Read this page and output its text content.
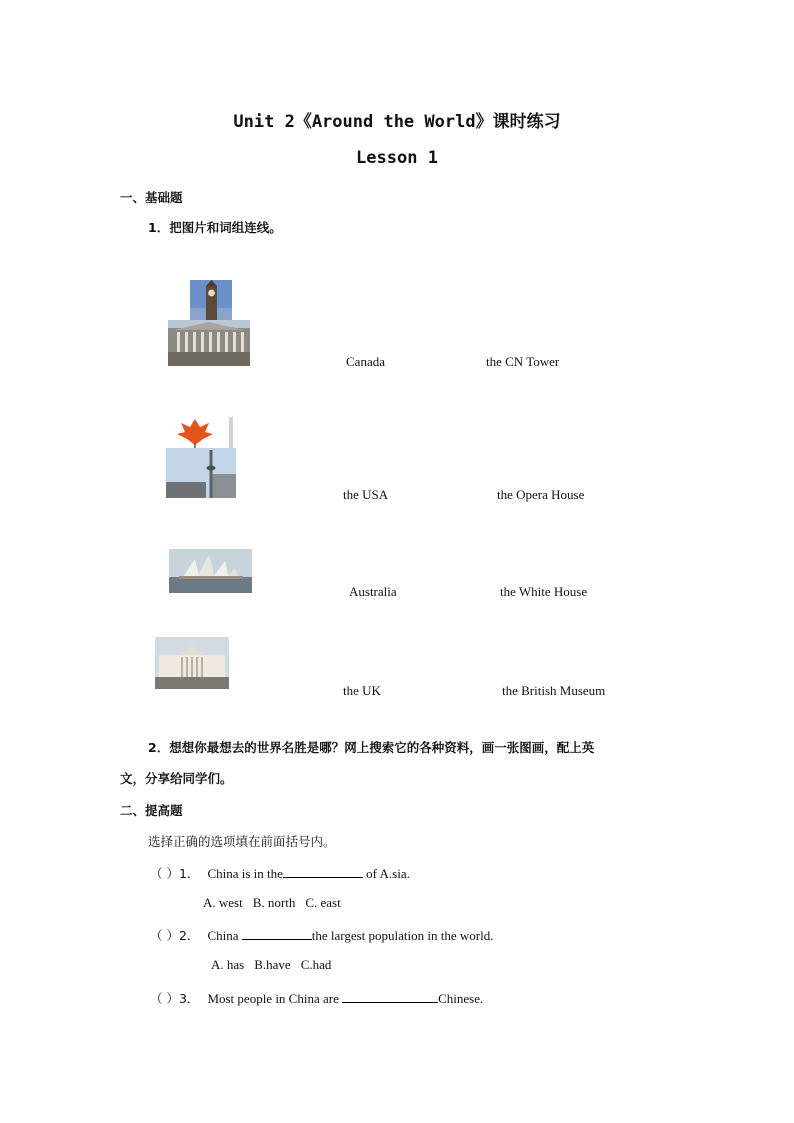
Unit 2《Around the World》课时练习
Lesson 1
一、基础题
1．把图片和词组连线。
Canada	the CN Tower
the USA	the Opera House
Australia	the White House
the UK	the British Museum
2．想想你最想去的世界名胜是哪？网上搜索它的各种资料，画一张图画，配上英
文，分享给同学们。
二、提高题
选择正确的选项填在前面括号内。
（ ）1． China is in the	of A.sia.
A. west B. north C. east
（ ）2． China	the largest population in the world.
A. has B.have C.had
（ ）3． Most people in China are	Chinese.
